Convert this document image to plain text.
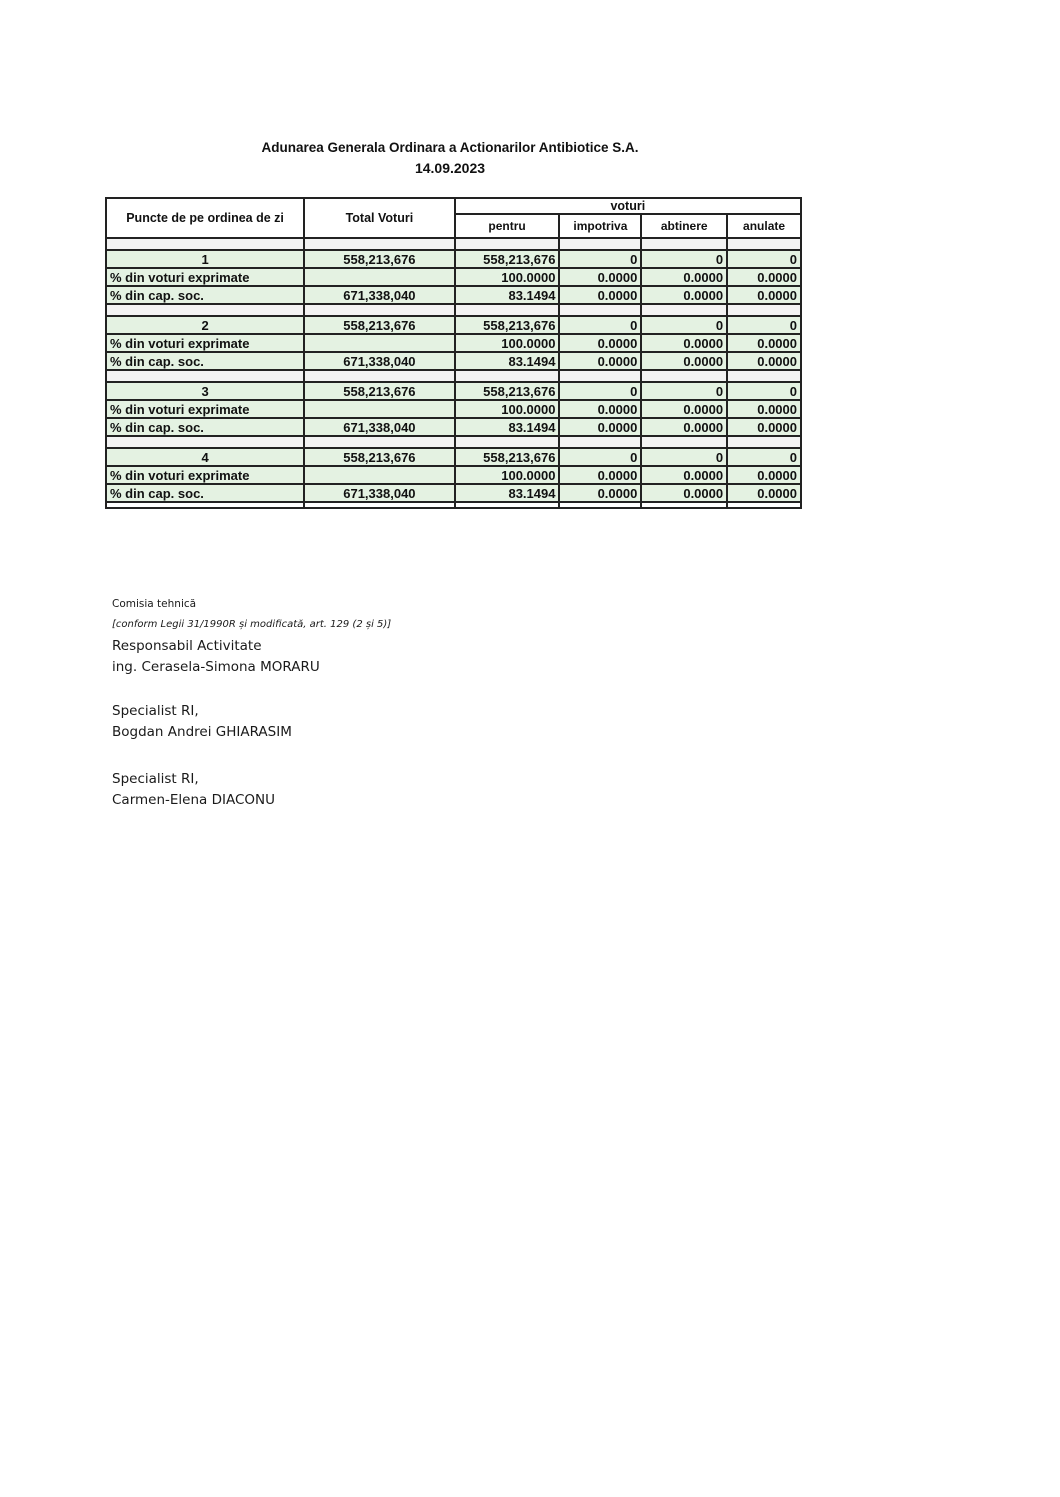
Adunarea Generala Ordinara a Actionarilor Antibiotice S.A.
14.09.2023
Puncte de pe ordinea de zi	Total Voturi	voturi			
		pentru	impotriva	abtinere	anulate

1	558,213,676	558,213,676	0	0	0
% din voturi exprimate		100.0000	0.0000	0.0000	0.0000
% din cap. soc.	671,338,040	83.1494	0.0000	0.0000	0.0000

2	558,213,676	558,213,676	0	0	0
% din voturi exprimate		100.0000	0.0000	0.0000	0.0000
% din cap. soc.	671,338,040	83.1494	0.0000	0.0000	0.0000

3	558,213,676	558,213,676	0	0	0
% din voturi exprimate		100.0000	0.0000	0.0000	0.0000
% din cap. soc.	671,338,040	83.1494	0.0000	0.0000	0.0000

4	558,213,676	558,213,676	0	0	0
% din voturi exprimate		100.0000	0.0000	0.0000	0.0000
% din cap. soc.	671,338,040	83.1494	0.0000	0.0000	0.0000

Comisia tehnică
[conform Legii 31/1990R și modificată, art. 129 (2 și 5)]
Responsabil Activitate
ing. Cerasela-Simona MORARU
Specialist RI,
Bogdan Andrei GHIARASIM
Specialist RI,
Carmen-Elena DIACONU
